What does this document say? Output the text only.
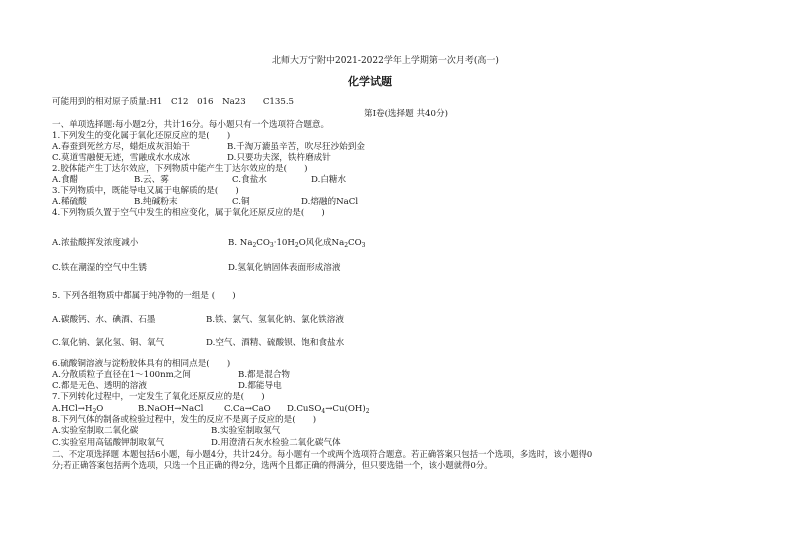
北师大万宁附中2021-2022学年上学期第一次月考(高一)
化学试题
可能用到的相对原子质量:H1　C12　016　Na23　　C135.5
第Ⅰ卷(选择题 共40分)
一、单项选择题:每小题2分，共计16分。每小题只有一个选项符合题意。
1.下列发生的变化属于氧化还原反应的是(　　)
A.春蚕到死丝方尽，蜡炬成灰泪始干	B.千淘万漉虽辛苦，吹尽狂沙始到金
C.莫道雪融便无迹，雪融成水水成冰	D.只要功夫深，铁杵磨成针
2.胶体能产生丁达尔效应，下列物质中能产生丁达尔效应的是(　　)
A.食醋	B.云、雾	C.食盐水	D.白糖水
3.下列物质中，既能导电又属于电解质的是(　　)
A.稀硫酸	B.纯碱粉末	C.铜	D.熔融的NaCl
4.下列物质久置于空气中发生的相应变化，属于氧化还原反应的是(　　)
A.浓盐酸挥发浓度减小	B. $Na_2CO_3\cdot 10H_2O$风化成$Na_2CO_3$
C.铁在潮湿的空气中生锈	D.氢氧化钠固体表面形成溶液
5. 下列各组物质中都属于纯净物的一组是 (　　)
A.碳酸钙、水、碘酒、石墨	B.铁、氯气、氢氧化钠、氯化铁溶液
C.氧化钠、氯化氢、铜、氧气	D.空气、酒精、硫酸钡、饱和食盐水
6.硫酸铜溶液与淀粉胶体具有的相同点是(　　)
A.分散质粒子直径在1～100nm之间	B.都是混合物
C.都是无色、透明的溶液	D.都能导电
7.下列转化过程中，一定发生了氧化还原反应的是(　　)
$A.HCl\to H_2O$	B.NaOH→NaCl C.Ca→CaO $D.CuSO_4\to Cu(OH)_2$
8.下列气体的制备或检验过程中，发生的反应不是离子反应的是(　　)
A.实验室制取二氧化碳	B.实验室制取氢气
C.实验室用高锰酸钾制取氧气	D.用澄清石灰水检验二氧化碳气体
二、不定项选择题 本题包括6小题，每小题4分，共计24分。每小题有一个或两个选项符合题意。若正确答案只包括一个选项，多选时，该小题得0
分;若正确答案包括两个选项，只选一个且正确的得2分，选两个且都正确的得满分，但只要选错一个，该小题就得0分。
